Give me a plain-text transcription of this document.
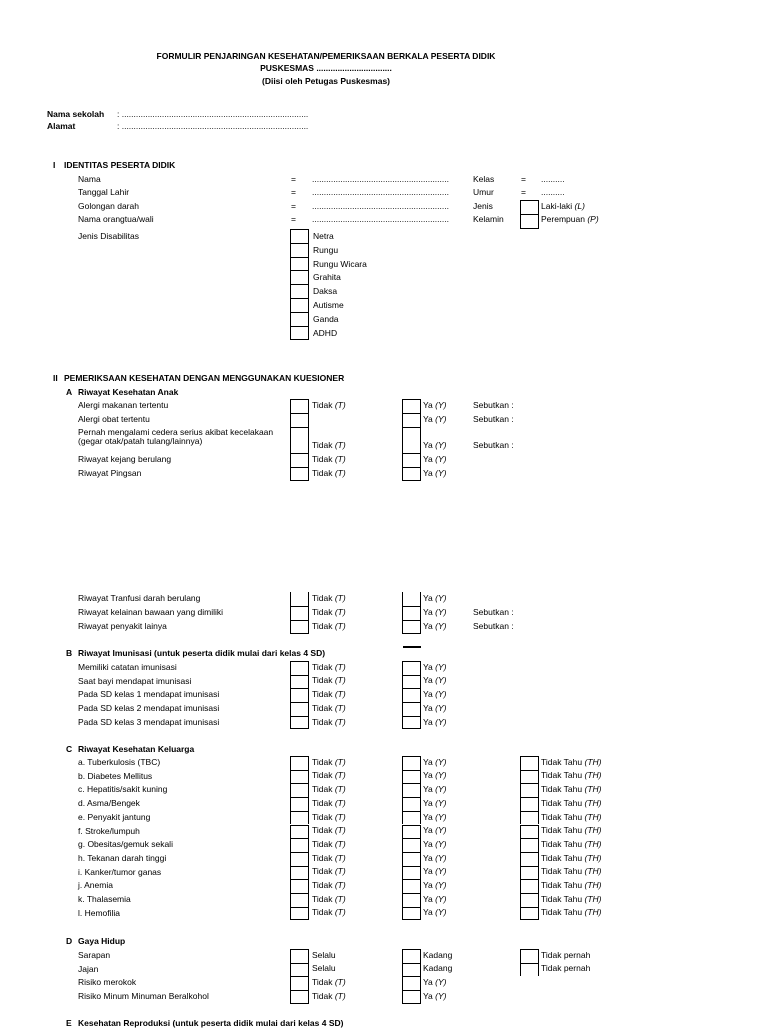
FORMULIR PENJARINGAN KESEHATAN/PEMERIKSAAN BERKALA PESERTA DIDIK
PUSKESMAS ................................
(Diisi oleh Petugas Puskesmas)
Nama sekolah : ...............................................................................
Alamat	: ...............................................................................
I IDENTITAS PESERTA DIDIK
Nama	= ..........................................................	Kelas	= ..........
Tanggal Lahir	= ..........................................................	Umur	= ..........
Golongan darah	= ..........................................................	Jenis	Laki-laki (L)
Nama orangtua/wali	= ..........................................................	Kelamin	Perempuan (P)
Jenis Disabilitas	Netra
Rungu
Rungu Wicara
Grahita
Daksa
Autisme
Ganda
ADHD
II PEMERIKSAAN KESEHATAN DENGAN MENGGUNAKAN KUESIONER
A Riwayat Kesehatan Anak
Alergi makanan tertentu	Tidak (T)	Ya (Y)	Sebutkan :
Alergi obat tertentu	Ya (Y)	Sebutkan :
Pernah mengalami cedera serius akibat kecelakaan
(gegar otak/patah tulang/lainnya)	Tidak (T)	Ya (Y)	Sebutkan :
Riwayat kejang berulang	Tidak (T)	Ya (Y)
Riwayat Pingsan	Tidak (T)	Ya (Y)
Riwayat Tranfusi darah berulang	Tidak (T)	Ya (Y)
Riwayat kelainan bawaan yang dimiliki	Tidak (T)	Ya (Y)	Sebutkan :
Riwayat penyakit lainya	Tidak (T)	Ya (Y)	Sebutkan :
B Riwayat Imunisasi (untuk peserta didik mulai dari kelas 4 SD)
Memiliki catatan imunisasi	Tidak (T)	Ya (Y)
Saat bayi mendapat imunisasi	Tidak (T)	Ya (Y)
Pada SD kelas 1 mendapat imunisasi	Tidak (T)	Ya (Y)
Pada SD kelas 2 mendapat imunisasi	Tidak (T)	Ya (Y)
Pada SD kelas 3 mendapat imunisasi	Tidak (T)	Ya (Y)
C Riwayat Kesehatan Keluarga
a. Tuberkulosis (TBC)	Tidak (T)	Ya (Y)	Tidak Tahu (TH)
b. Diabetes Mellitus	Tidak (T)	Ya (Y)	Tidak Tahu (TH)
c. Hepatitis/sakit kuning	Tidak (T)	Ya (Y)	Tidak Tahu (TH)
d. Asma/Bengek	Tidak (T)	Ya (Y)	Tidak Tahu (TH)
e. Penyakit jantung	Tidak (T)	Ya (Y)	Tidak Tahu (TH)
f. Stroke/lumpuh	Tidak (T)	Ya (Y)	Tidak Tahu (TH)
g. Obesitas/gemuk sekali	Tidak (T)	Ya (Y)	Tidak Tahu (TH)
h. Tekanan darah tinggi	Tidak (T)	Ya (Y)	Tidak Tahu (TH)
i. Kanker/tumor ganas	Tidak (T)	Ya (Y)	Tidak Tahu (TH)
j. Anemia	Tidak (T)	Ya (Y)	Tidak Tahu (TH)
k. Thalasemia	Tidak (T)	Ya (Y)	Tidak Tahu (TH)
l. Hemofilia	Tidak (T)	Ya (Y)	Tidak Tahu (TH)
D Gaya Hidup
Sarapan	Selalu	Kadang	Tidak pernah
Jajan	Selalu	Kadang	Tidak pernah
Risiko merokok	Tidak (T)	Ya (Y)
Risiko Minum Minuman Beralkohol	Tidak (T)	Ya (Y)
E Kesehatan Reproduksi (untuk peserta didik mulai dari kelas 4 SD)
